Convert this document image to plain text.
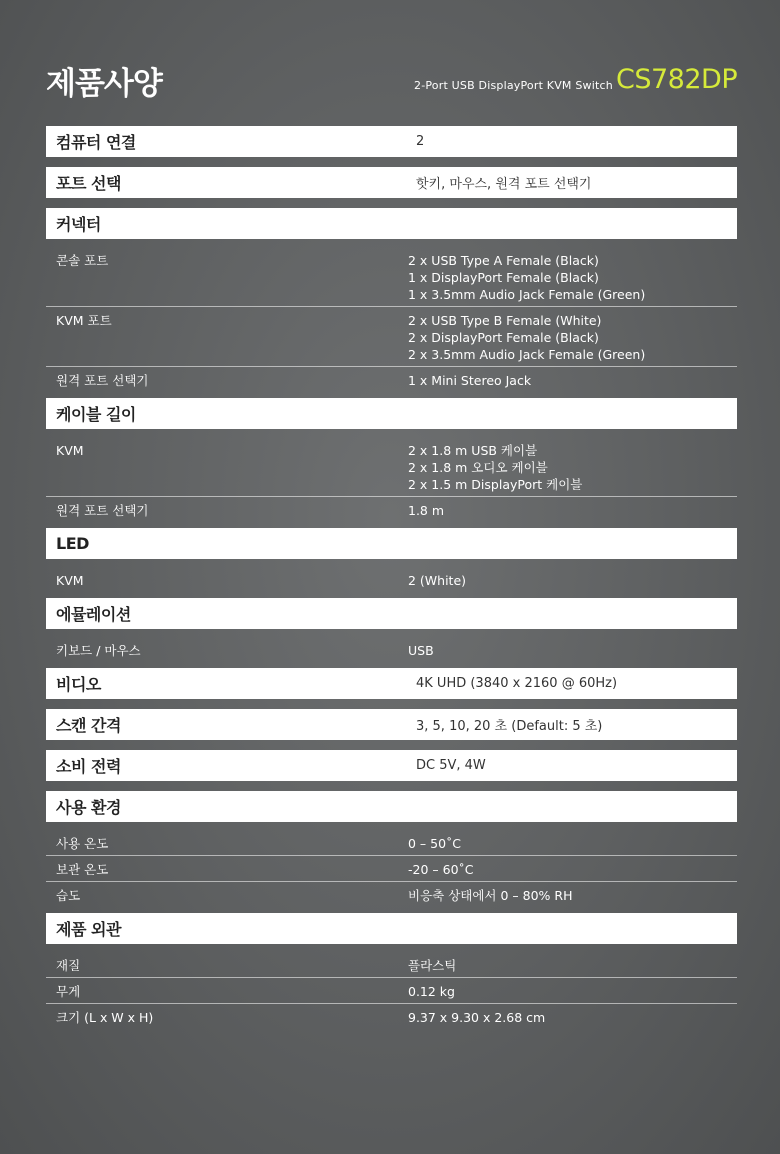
제품사양	2-Port USB DisplayPort KVM Switch CS782DP
컴퓨터 연결	2
포트 선택	핫키, 마우스, 원격 포트 선택기
커넥터
콘솔 포트	2 x USB Type A Female (Black)
1 x DisplayPort Female (Black)
1 x 3.5mm Audio Jack Female (Green)
KVM 포트	2 x USB Type B Female (White)
2 x DisplayPort Female (Black)
2 x 3.5mm Audio Jack Female (Green)
원격 포트 선택기	1 x Mini Stereo Jack
케이블 길이
KVM	2 x 1.8 m USB 케이블
2 x 1.8 m 오디오 케이블
2 x 1.5 m DisplayPort 케이블
원격 포트 선택기	1.8 m
LED
KVM	2 (White)
에뮬레이션
키보드 / 마우스	USB
비디오	4K UHD (3840 x 2160 @ 60Hz)
스캔 간격	3, 5, 10, 20 초 (Default: 5 초)
소비 전력	DC 5V, 4W
사용 환경
사용 온도	0 – 50˚C
보관 온도	-20 – 60˚C
습도	비응축 상태에서 0 – 80% RH
제품 외관
재질	플라스틱
무게	0.12 kg
크기 (L x W x H)	9.37 x 9.30 x 2.68 cm
